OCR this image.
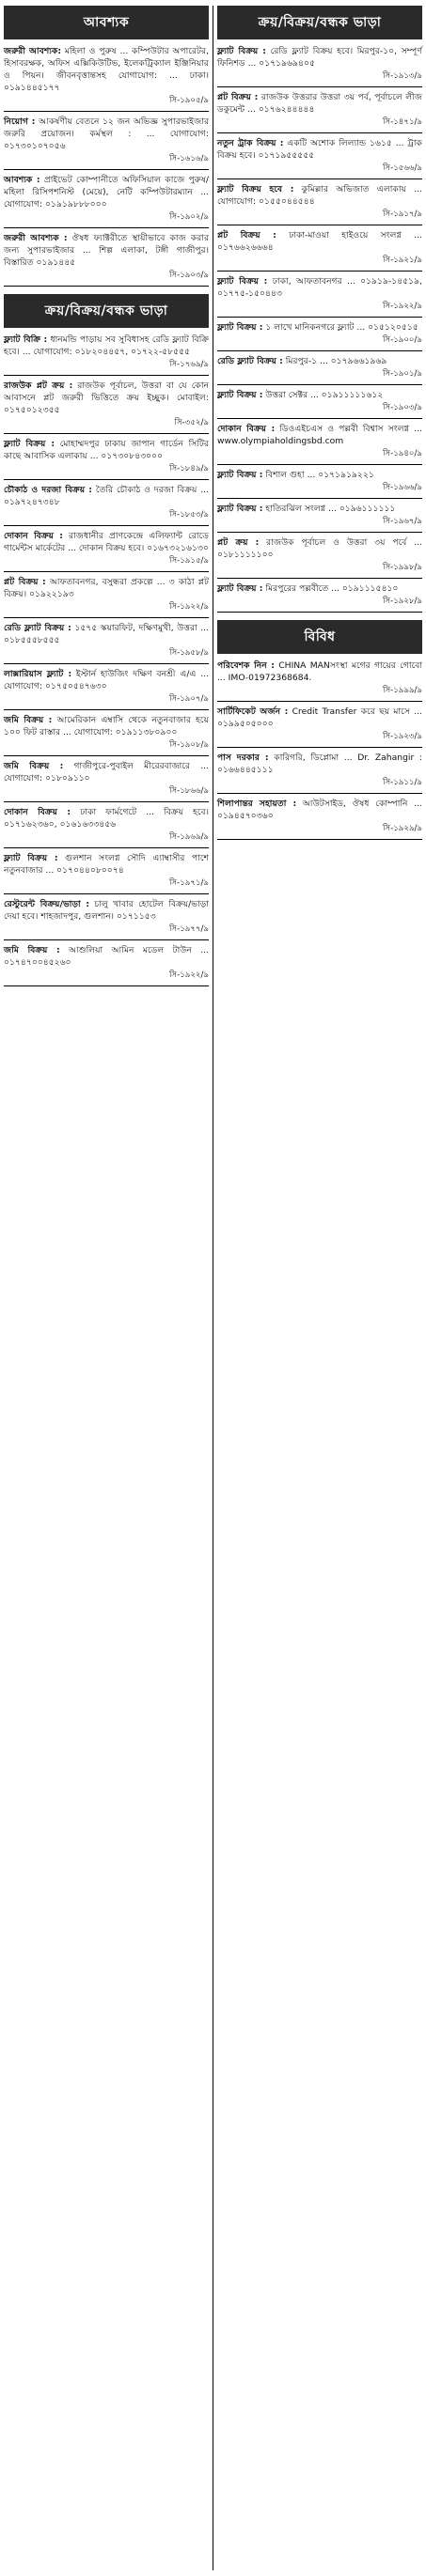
আবশ্যক
জরুরী আবশ্যক: মহিলা ও পুরুষ ... কম্পিউটার অপারেটর, হিসাবরক্ষক, অফিস এক্সিকিউটিভ, ইলেকট্রিক্যাল ইঞ্জিনিয়ার ও পিয়ন। জীবনবৃত্তান্তসহ যোগাযোগ: ... ঢাকা। ০১৯১৪৪৫১৭৭
সি-১৯০৫/৯
নিয়োগ : আকর্ষণীয় বেতনে ১২ জন অভিজ্ঞ সুপারভাইজার জরুরি প্রয়োজন। কর্মস্থল : ... যোগাযোগ: ০১৭৩০১০৭০৫৬
সি-১৬১৬/৯
আবশ্যক : প্রাইভেট কোম্পানীতে অফিসিয়াল কাজে পুরুষ/মহিলা রিসিপশনিস্ট (মেয়ে), নেটি কম্পিউটারম্যান ... যোগাযোগ: ০১৯১৯৮৮৮০০০
সি-১৯০২/৯
জরুরী আবশ্যক : ঔষধ ফ্যাক্টরীতে স্থায়ীভাবে কাজ করার জন্য সুপারভাইজার ... শিল্প এলাকা, টঙ্গী গাজীপুর। বিস্তারিত ০১৯১৪৪৫
সি-১৯০৩/৯
ক্রয়/বিক্রয়/বন্ধক ভাড়া
ফ্ল্যাট বিক্রি : ধানমন্ডি পাড়ায় সব সুবিধাসহ রেডি ফ্ল্যাট বিক্রি হবে। ... যোগাযোগ: ০১৮২০৪৪৫৭, ০১৭২২-৫৮৫৫৫
সি-১৭৬৯/৯
রাজউক প্লট ক্রয় : রাজউক পূর্বাচল, উত্তরা বা যে কোন আবাসনে প্লট জরুরী ভিত্তিতে ক্রয় ইচ্ছুক। মোবাইল: ০১৭৫০১২৩৫৫
সি-৩৫২/৯
ফ্ল্যাট বিক্রয় : মোহাম্মদপুর ঢাকায় জাপান গার্ডেন সিটির কাছে আবাসিক এলাকায় ... ০১৭৩০৮৪৩০০০
সি-১৮৪৯/৯
চৌকাঠ ও দরজা বিক্রয় : তৈরি চৌকাঠ ও দরজা বিক্রয় ... ০১৯৭২৪৭৩৪৮
সি-১৮৫৩/৯
দোকান বিক্রয় : রাজধানীর প্রাণকেন্দ্রে এলিফ্যান্ট রোডে গার্মেন্টস মার্কেটের ... দোকান বিক্রয় হবে। ০১৬৭৩২১৬১৩০
সি-১৯১৫/৯
প্লট বিক্রয় : আফতাবনগর, বসুন্ধরা প্রকল্পে ... ৩ কাঠা প্লট বিক্রয়। ০১৯২২১৯৩
সি-১৯২২/৯
রেডি ফ্ল্যাট বিক্রয় : ১৫৭৫ স্কয়ারফিট, দক্ষিণমুখী, উত্তরা ... ০১৮৫৫৫৮৫৫৫
সি-১৯৫৮/৯
লাক্সারিয়াস ফ্ল্যাট : ইস্টার্ন হাউজিং দক্ষিণ বনশ্রী এ/এ ... যোগাযোগ: ০১৭৫০৫৪৭৬৩০
সি-১৯০৭/৯
জমি বিক্রয় : আমেরিকান এম্বাসি থেকে নতুনবাজার হয়ে ১০০ ফিট রাস্তার ... যোগাযোগ: ০১৯১১৩৮০৯০০
সি-১৯০৮/৯
জমি বিক্রয় : গাজীপুরে-পুবাইল মীরেরবাজারে ... যোগাযোগ: ০১৮০৯১১০
সি-১৮৬৬/৯
দোকান বিক্রয় : ঢাকা ফার্মগেটে ... বিক্রয় হবে। ০১৭১৬২৩৬০, ০১৬১৬৩৩৪৫৬
সি-১৯৬৯/৯
ফ্ল্যাট বিক্রয় : গুলশান সংলগ্ন সৌদি এ্যাম্বাসীর পাশে নতুনবাজার ... ০১৭০৪৪০৮০০৭৪
সি-১৯৭১/৯
রেস্টুরেন্ট বিক্রয়/ভাড়া : চালু খাবার হোটেল বিক্রয়/ভাড়া দেয়া হবে। শাহজাদপুর, গুলশান। ০১৭১১৫৩
সি-১৯৭৭/৯
জমি বিক্রয় : আশুলিয়া আমিন মডেল টাউন ... ০১৭৪৭০০৪৫২৬০
সি-১৯২২/৯
ক্রয়/বিক্রয়/বন্ধক ভাড়া
ফ্ল্যাট বিক্রয় : রেডি ফ্ল্যাট বিক্রয় হবে। মিরপুর-১০, সম্পূর্ণ ফিনিশড ... ০১৭১৯৬৯৪০৫
সি-১৯১৩/৯
প্লট বিক্রয় : রাজউক উত্তরার উত্তরা ৩য় পর্ব, পূর্বাচলে লীজ ডকুমেন্ট ... ০১৭৬২৪৪৪৪৪
সি-১৪৭১/৯
নতুন ট্রাক বিক্রয় : একটি অশোক লিল্যান্ড ১৬১৫ ... ট্রাক বিক্রয় হবে। ০১৭১৯৫৫৫৫৫
সি-১৫৬৬/৯
ফ্ল্যাট বিক্রয় হবে : কুমিল্লার অভিজাত এলাকায় ... যোগাযোগ: ০১৫৫০৪৪৫৪৪
সি-১৯১৭/৯
প্লট বিক্রয় : ঢাকা-মাওয়া হাইওয়ে সংলগ্ন ... ০১৭৬৬২৬৬৬৪
সি-১৯২১/৯
ফ্ল্যাট বিক্রয় : ঢাকা, আফতাবনগর ... ০১৯১৯-১৪৫১৯, ০১৭৭৫-১৫০৪৪৩
সি-১৯২২/৯
ফ্ল্যাট বিক্রয় : ১ লাখে মানিকনগরে ফ্ল্যাট ... ০১৫১২০৫১৫
সি-১৯০০/৯
রেডি ফ্ল্যাট বিক্রয় : মিরপুর-১ ... ০১৭৯৬৬১৯৬৯
সি-১৯০১/৯
ফ্ল্যাট বিক্রয় : উত্তরা সেক্টর ... ০১৯১১১১১৬১২
সি-১৯০৩/৯
দোকান বিক্রয় : ডিওএইচএস ও পল্লবী বিশ্বাস সংলগ্ন ... www.olympiaholdingsbd.com
সি-১৯৪০/৯
ফ্ল্যাট বিক্রয় : বিশাল গুহা ... ০১৭১৯১৯২২১
সি-১৯৬৬/৯
ফ্ল্যাট বিক্রয় : হাতিরঝিল সংলগ্ন ... ০১৯৬১১১১১১
সি-১৯৬৭/৯
প্লট ক্রয় : রাজউক পূর্বাচল ও উত্তরা ৩য় পর্বে ... ০১৮১১১১১০০
সি-১৯৯৮/৯
ফ্ল্যাট বিক্রয় : মিরপুরের পল্লবীতে ... ০১৯১১১৫৪১০
সি-১৯২৮/৯
বিবিধ
পরিবেশক নিন : CHINA MANসংস্থা মগের গায়ের গোবো ... IMO-01972368684.
সি-১৯৯৯/৯
সার্টিফিকেট অর্জন : Credit Transfer করে ছয় মাসে ... ০১৯৯৫০৫০০০
সি-১৯২৩/৯
পাস দরকার : কারিগরি, ডিপ্লোমা ... Dr. Zahangir : ০১৬৬৪৪৫১১১
সি-১৯১১/৯
শিলাপান্তর সহায়তা : আউটসাইড, ঔষধ কোম্পানি ... ০১৯৪৫৭০৩৬০
সি-১৯২৯/৯
